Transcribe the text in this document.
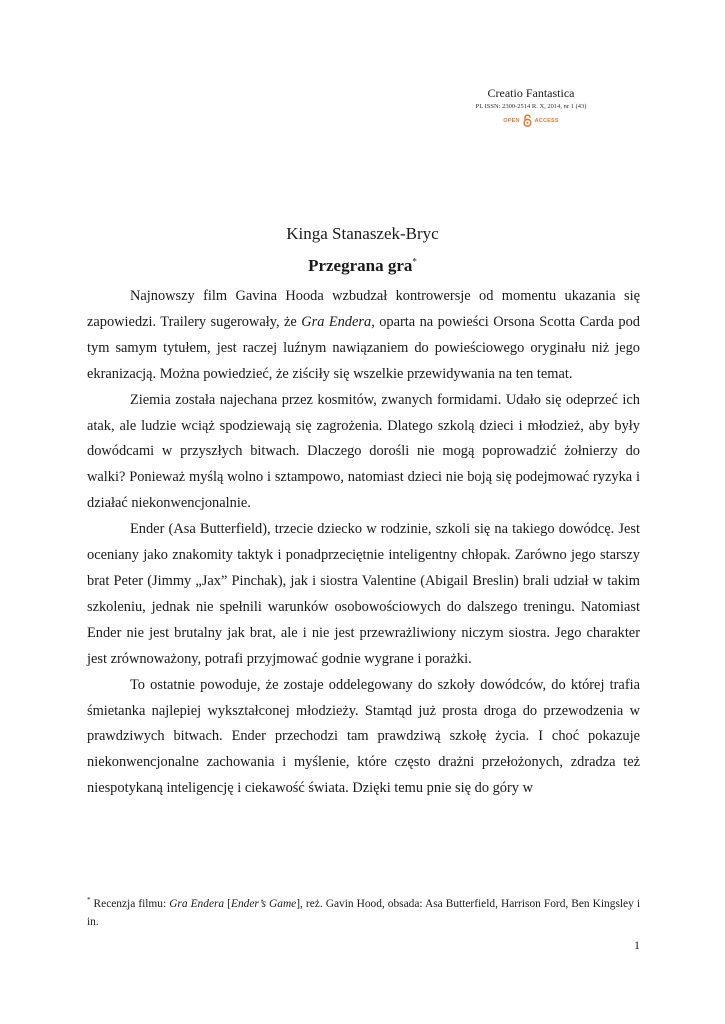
Creatio Fantastica
PL ISSN: 2300-2514 R. X, 2014, nr 1 (43)
OPEN	ACCESS
Kinga Stanaszek-Bryc
Przegrana gra*

Najnowszy film Gavina Hooda wzbudzał kontrowersje od momentu ukazania się zapowiedzi. Trailery sugerowały, że Gra Endera, oparta na powieści Orsona Scotta Carda pod tym samym tytułem, jest raczej luźnym nawiązaniem do powieściowego oryginału niż jego ekranizacją. Można powiedzieć, że ziściły się wszelkie przewidywania na ten temat.

Ziemia została najechana przez kosmitów, zwanych formidami. Udało się odeprzeć ich atak, ale ludzie wciąż spodziewają się zagrożenia. Dlatego szkolą dzieci i młodzież, aby były dowódcami w przyszłych bitwach. Dlaczego dorośli nie mogą poprowadzić żołnierzy do walki? Ponieważ myślą wolno i sztampowo, natomiast dzieci nie boją się podejmować ryzyka i działać niekonwencjonalnie.

Ender (Asa Butterfield), trzecie dziecko w rodzinie, szkoli się na takiego dowódcę. Jest oceniany jako znakomity taktyk i ponadprzeciętnie inteligentny chłopak. Zarówno jego starszy brat Peter (Jimmy „Jax” Pinchak), jak i siostra Valentine (Abigail Breslin) brali udział w takim szkoleniu, jednak nie spełnili warunków osobowościowych do dalszego treningu. Natomiast Ender nie jest brutalny jak brat, ale i nie jest przewrażliwiony niczym siostra. Jego charakter jest zrównoważony, potrafi przyjmować godnie wygrane i porażki.

To ostatnie powoduje, że zostaje oddelegowany do szkoły dowódców, do której trafia śmietanka najlepiej wykształconej młodzieży. Stamtąd już prosta droga do przewodzenia w prawdziwych bitwach. Ender przechodzi tam prawdziwą szkołę życia. I choć pokazuje niekonwencjonalne zachowania i myślenie, które często drażni przełożonych, zdradza też niespotykaną inteligencję i ciekawość świata. Dzięki temu pnie się do góry w

* Recenzja filmu: Gra Endera [Ender’s Game], reż. Gavin Hood, obsada: Asa Butterfield, Harrison Ford, Ben Kingsley i in.

1
